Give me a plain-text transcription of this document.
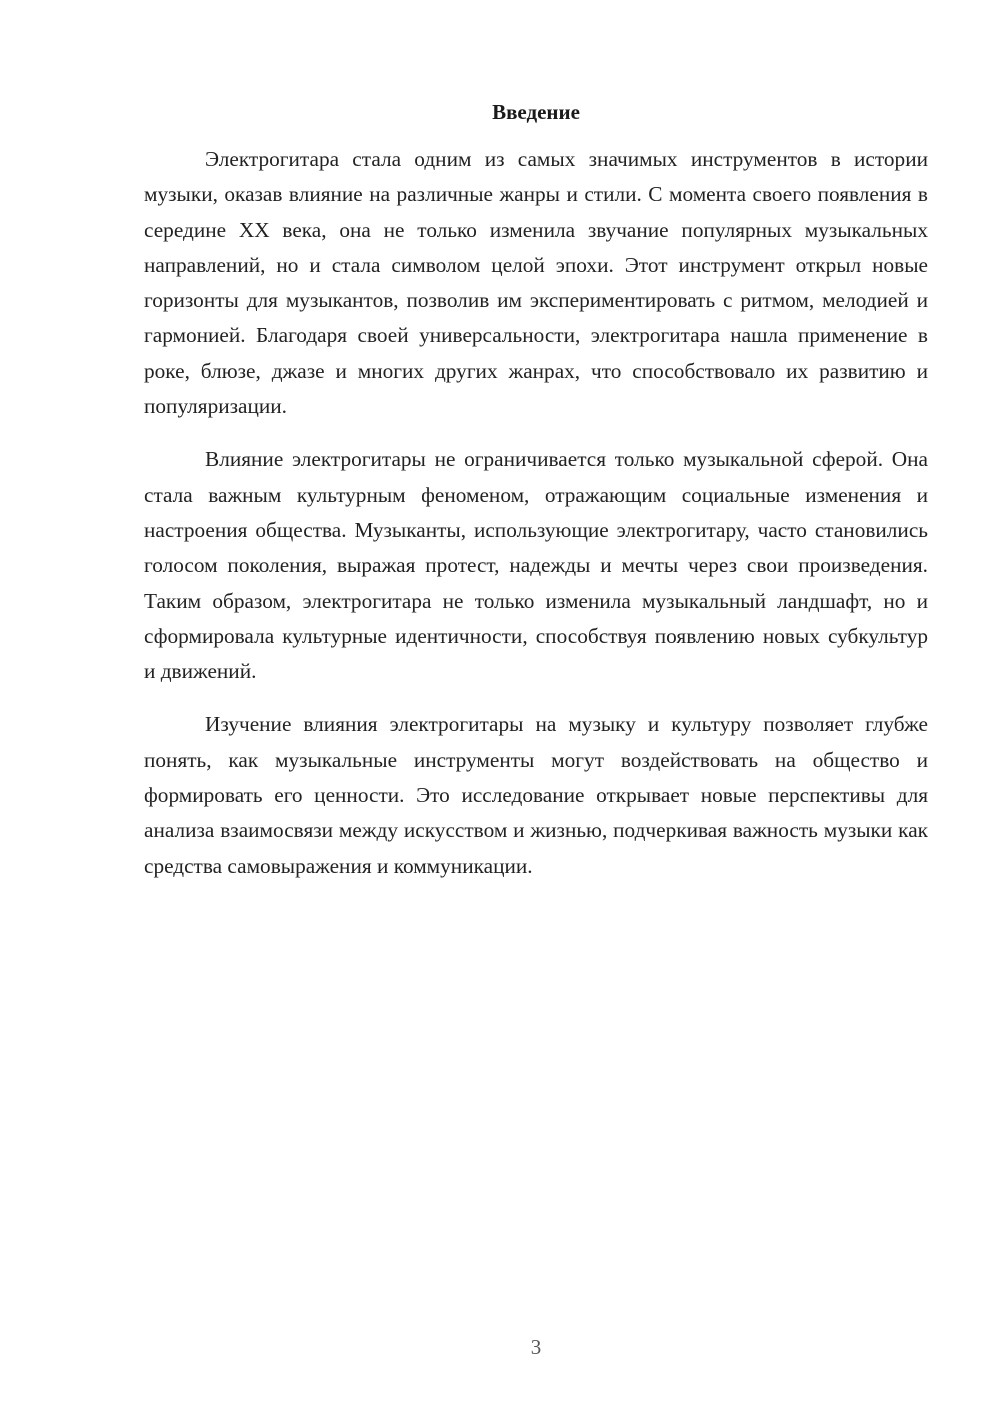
Введение

Электрогитара стала одним из самых значимых инструментов в истории музыки, оказав влияние на различные жанры и стили. С момента своего появления в середине XX века, она не только изменила звучание популярных музыкальных направлений, но и стала символом целой эпохи. Этот инструмент открыл новые горизонты для музыкантов, позволив им экспериментировать с ритмом, мелодией и гармонией. Благодаря своей универсальности, электрогитара нашла применение в роке, блюзе, джазе и многих других жанрах, что способствовало их развитию и популяризации.

Влияние электрогитары не ограничивается только музыкальной сферой. Она стала важным культурным феноменом, отражающим социальные изменения и настроения общества. Музыканты, использующие электрогитару, часто становились голосом поколения, выражая протест, надежды и мечты через свои произведения. Таким образом, электрогитара не только изменила музыкальный ландшафт, но и сформировала культурные идентичности, способствуя появлению новых субкультур и движений.

Изучение влияния электрогитары на музыку и культуру позволяет глубже понять, как музыкальные инструменты могут воздействовать на общество и формировать его ценности. Это исследование открывает новые перспективы для анализа взаимосвязи между искусством и жизнью, подчеркивая важность музыки как средства самовыражения и коммуникации.

3
